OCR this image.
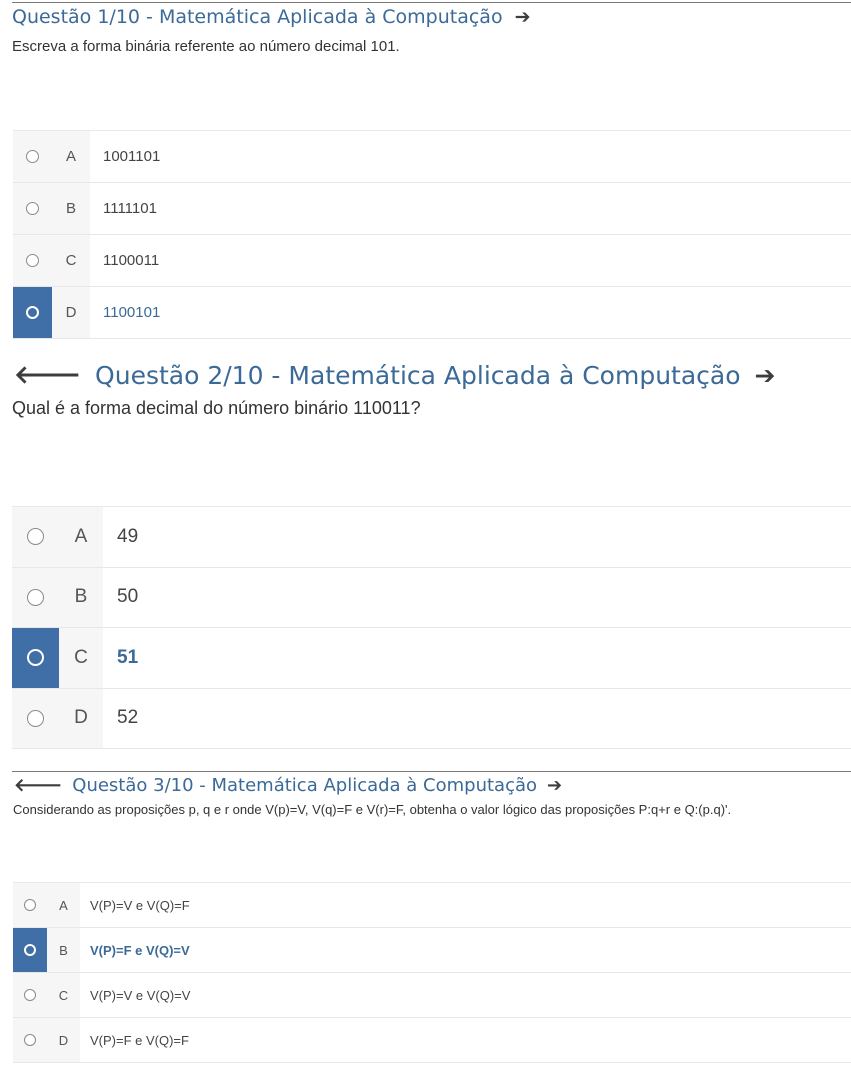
Questão 1/10 - Matemática Aplicada à Computação ➔
Escreva a forma binária referente ao número decimal 101.
A	1001101
B	1111101
C	1100011
D	1100101
🡐 Questão 2/10 - Matemática Aplicada à Computação ➔
Qual é a forma decimal do número binário 110011?
A	49
B	50
C	51
D	52
🡐 Questão 3/10 - Matemática Aplicada à Computação ➔
Considerando as proposições p, q e r onde V(p)=V, V(q)=F e V(r)=F, obtenha o valor lógico das proposições P:q+r e Q:(p.q)'.
A	V(P)=V e V(Q)=F
B	V(P)=F e V(Q)=V
C	V(P)=V e V(Q)=V
D	V(P)=F e V(Q)=F
